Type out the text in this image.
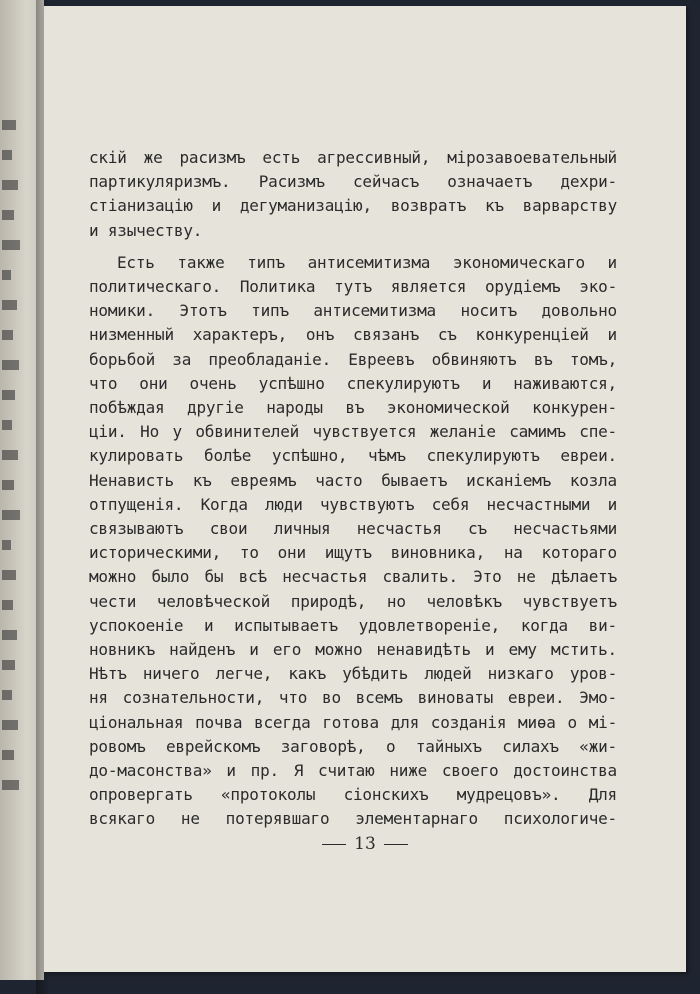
скій же расизмъ есть агрессивный, мірозавоевательный
партикуляризмъ. Расизмъ сейчасъ означаетъ дехри-
стіанизацію и дегуманизацію, возвратъ къ варварству
и язычеству.
Есть также типъ антисемитизма экономическаго и
политическаго. Политика тутъ является орудіемъ эко-
номики. Этотъ типъ антисемитизма носитъ довольно
низменный характеръ, онъ связанъ съ конкуренціей и
борьбой за преобладаніе. Евреевъ обвиняютъ въ томъ,
что они очень успѣшно спекулируютъ и наживаются,
побѣждая другіе народы въ экономической конкурен-
ціи. Но у обвинителей чувствуется желаніе самимъ спе-
кулировать болѣе успѣшно, чѣмъ спекулируютъ евреи.
Ненависть къ евреямъ часто бываетъ исканіемъ козла
отпущенія. Когда люди чувствуютъ себя несчастными и
связываютъ свои личныя несчастья съ несчастьями
историческими, то они ищутъ виновника, на котораго
можно было бы всѣ несчастья свалить. Это не дѣлаетъ
чести человѣческой природѣ, но человѣкъ чувствуетъ
успокоеніе и испытываетъ удовлетвореніе, когда ви-
новникъ найденъ и его можно ненавидѣть и ему мстить.
Нѣтъ ничего легче, какъ убѣдить людей низкаго уров-
ня сознательности, что во всемъ виноваты евреи. Эмо-
ціональная почва всегда готова для созданія миѳа о мі-
ровомъ еврейскомъ заговорѣ, о тайныхъ силахъ «жи-
до-масонства» и пр. Я считаю ниже своего достоинства
опровергать «протоколы сіонскихъ мудрецовъ». Для
всякаго не потерявшаго элементарнаго психологиче-
13
